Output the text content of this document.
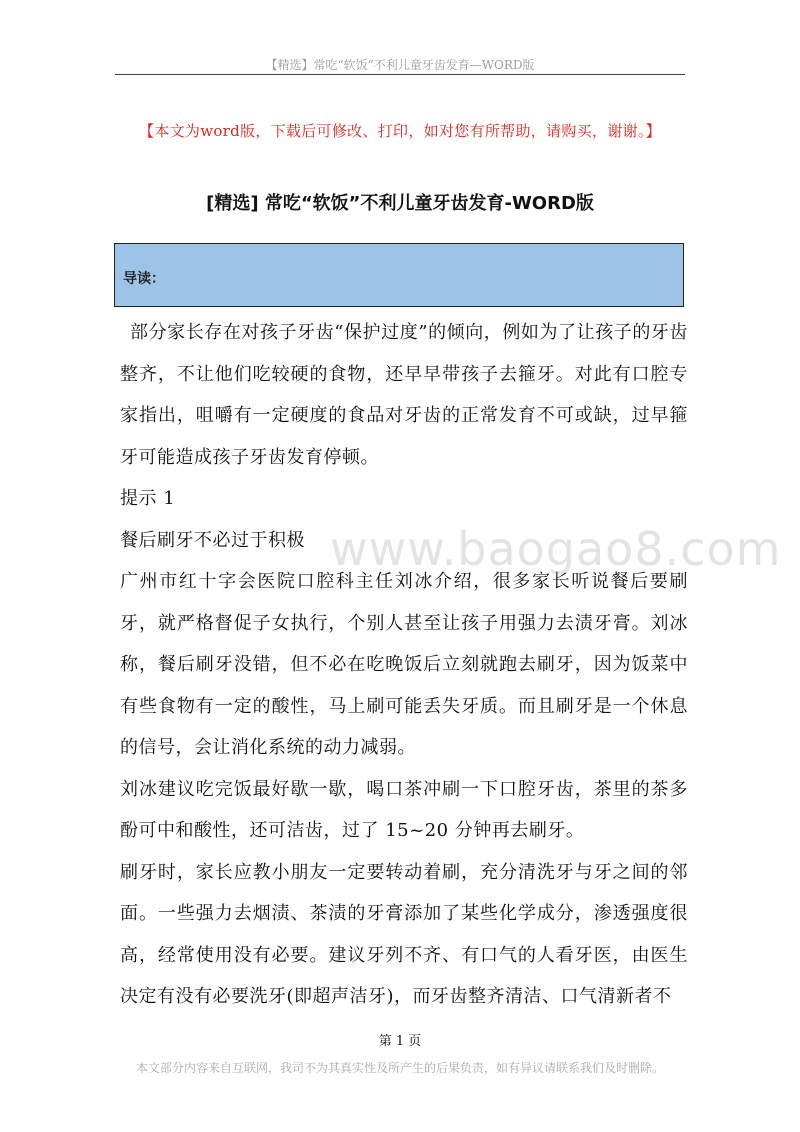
【精选】常吃“软饭”不利儿童牙齿发育—WORD版
【本文为word版，下载后可修改、打印，如对您有所帮助，请购买，谢谢。】
[精选] 常吃“软饭”不利儿童牙齿发育-WORD版
导读：

部分家长存在对孩子牙齿“保护过度”的倾向，例如为了让孩子的牙齿整齐，不让他们吃较硬的食物，还早早带孩子去箍牙。对此有口腔专家指出，咀嚼有一定硬度的食品对牙齿的正常发育不可或缺，过早箍牙可能造成孩子牙齿发育停顿。

提示 1

餐后刷牙不必过于积极

广州市红十字会医院口腔科主任刘冰介绍，很多家长听说餐后要刷牙，就严格督促子女执行，个别人甚至让孩子用强力去渍牙膏。刘冰称，餐后刷牙没错，但不必在吃晚饭后立刻就跑去刷牙，因为饭菜中有些食物有一定的酸性，马上刷可能丢失牙质。而且刷牙是一个休息的信号，会让消化系统的动力减弱。

刘冰建议吃完饭最好歇一歇，喝口茶冲刷一下口腔牙齿，茶里的茶多酚可中和酸性，还可洁齿，过了 15~20 分钟再去刷牙。

刷牙时，家长应教小朋友一定要转动着刷，充分清洗牙与牙之间的邻面。一些强力去烟渍、茶渍的牙膏添加了某些化学成分，渗透强度很高，经常使用没有必要。建议牙列不齐、有口气的人看牙医，由医生决定有没有必要洗牙(即超声洁牙)，而牙齿整齐清洁、口气清新者不

www.baogao8.com
第 1 页
本文部分内容来自互联网，我司不为其真实性及所产生的后果负责，如有异议请联系我们及时删除。
